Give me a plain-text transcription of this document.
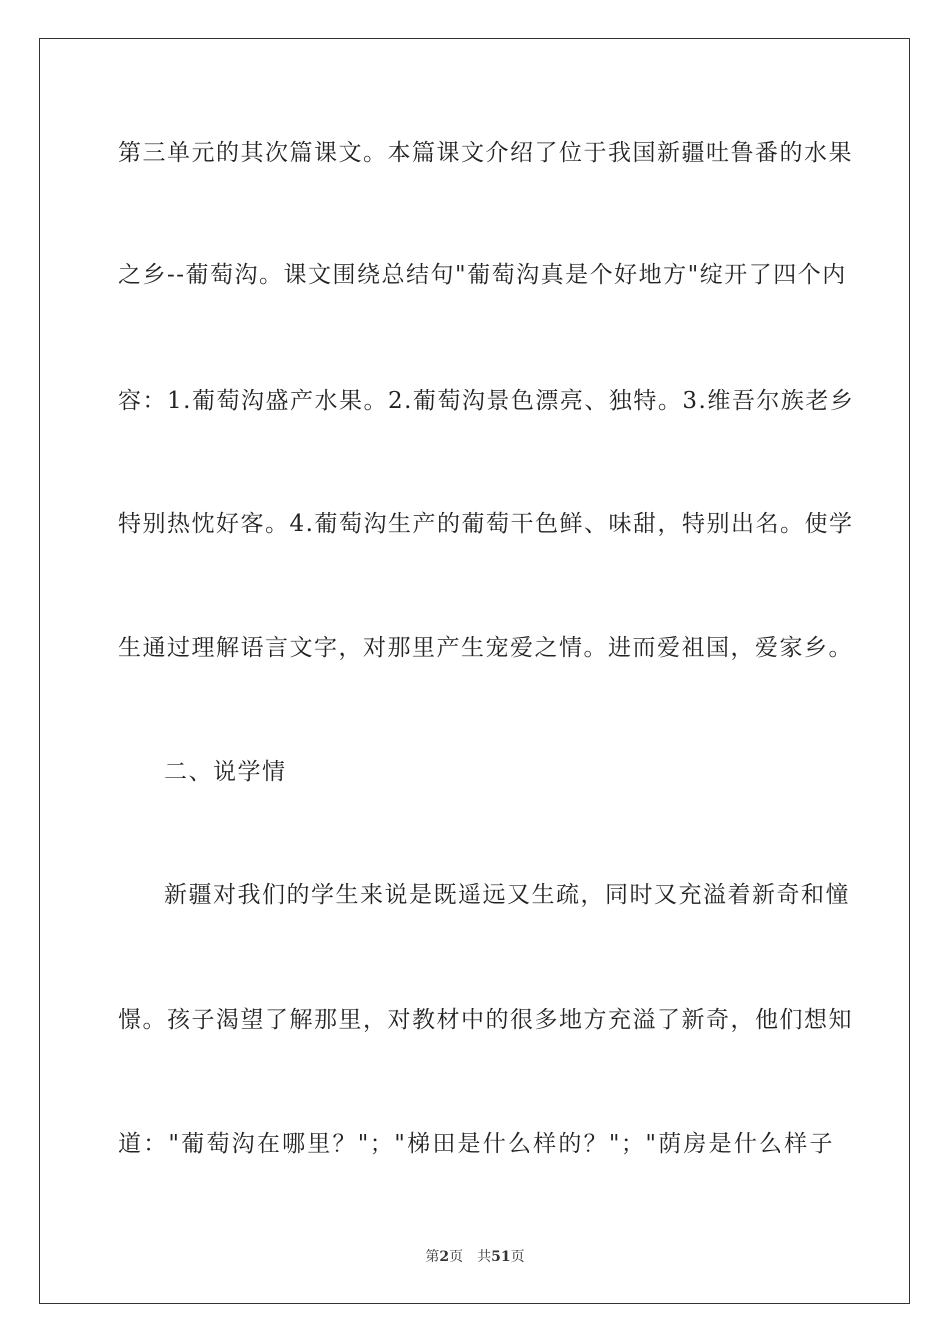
第三单元的其次篇课文。本篇课文介绍了位于我国新疆吐鲁番的水果
之乡--葡萄沟。课文围绕总结句"葡萄沟真是个好地方"绽开了四个内
容：1.葡萄沟盛产水果。2.葡萄沟景色漂亮、独特。3.维吾尔族老乡
特别热忱好客。4.葡萄沟生产的葡萄干色鲜、味甜，特别出名。使学
生通过理解语言文字，对那里产生宠爱之情。进而爱祖国，爱家乡。
二、说学情
新疆对我们的学生来说是既遥远又生疏，同时又充溢着新奇和憧
憬。孩子渴望了解那里，对教材中的很多地方充溢了新奇，他们想知
道："葡萄沟在哪里？"；"梯田是什么样的？"；"荫房是什么样子
第2页 共51页
